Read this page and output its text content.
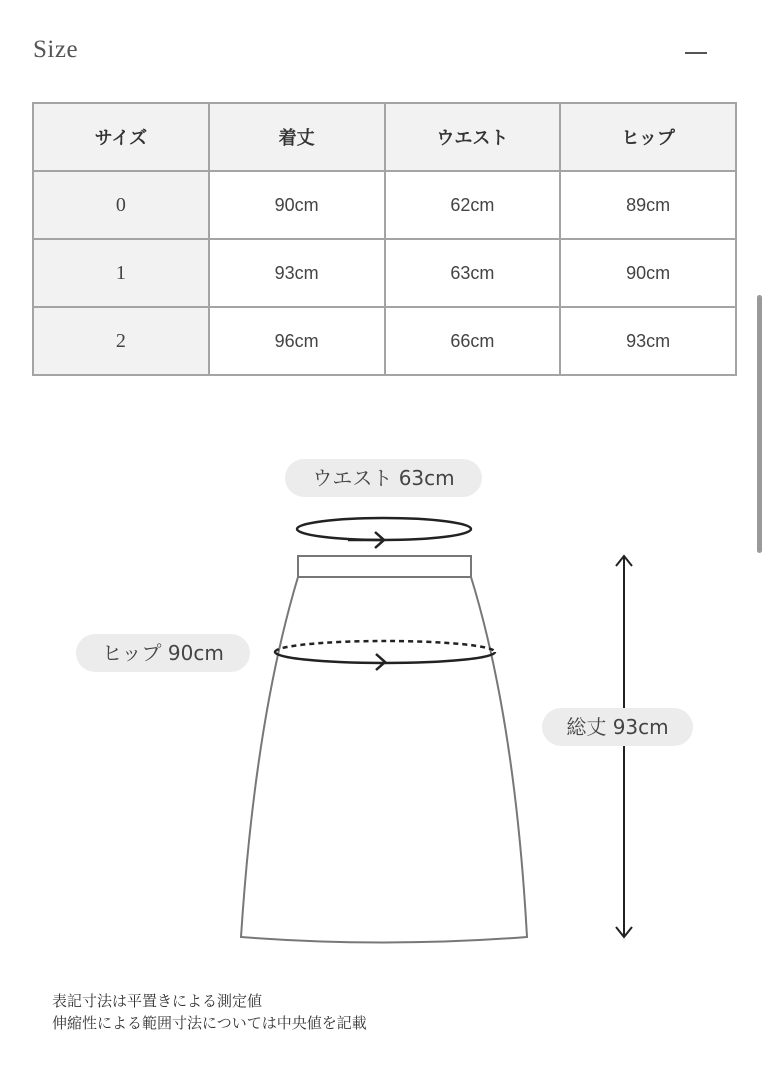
Size
サイズ	着丈	ウエスト	ヒップ
0	90cm	62cm	89cm
1	93cm	63cm	90cm
2	96cm	66cm	93cm
ウエスト 63cm
ヒップ 90cm
総丈 93cm
表記寸法は平置きによる測定値
伸縮性による範囲寸法については中央値を記載
